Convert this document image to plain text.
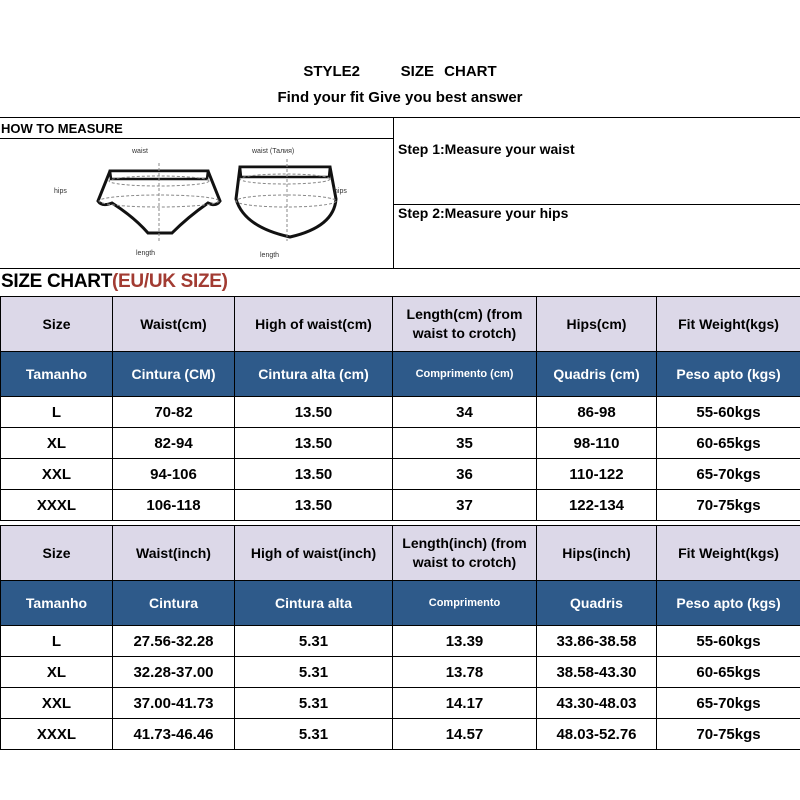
STYLE2    SIZE CHART
Find your fit Give you best answer
HOW TO MEASURE
Step 1:Measure your waist
Step 2:Measure your hips
waist	waist (Талия)
hips	hips
length	length
SIZE CHART(EU/UK SIZE)
Size	Waist(cm)	High of waist(cm)	Length(cm) (from waist to crotch)	Hips(cm)	Fit Weight(kgs)
Tamanho	Cintura (CM)	Cintura alta (cm)	Comprimento (cm)	Quadris (cm)	Peso apto (kgs)
L	70-82	13.50	34	86-98	55-60kgs
XL	82-94	13.50	35	98-110	60-65kgs
XXL	94-106	13.50	36	110-122	65-70kgs
XXXL	106-118	13.50	37	122-134	70-75kgs
Size	Waist(inch)	High of waist(inch)	Length(inch) (from waist to crotch)	Hips(inch)	Fit Weight(kgs)
Tamanho	Cintura	Cintura alta	Comprimento	Quadris	Peso apto (kgs)
L	27.56-32.28	5.31	13.39	33.86-38.58	55-60kgs
XL	32.28-37.00	5.31	13.78	38.58-43.30	60-65kgs
XXL	37.00-41.73	5.31	14.17	43.30-48.03	65-70kgs
XXXL	41.73-46.46	5.31	14.57	48.03-52.76	70-75kgs
